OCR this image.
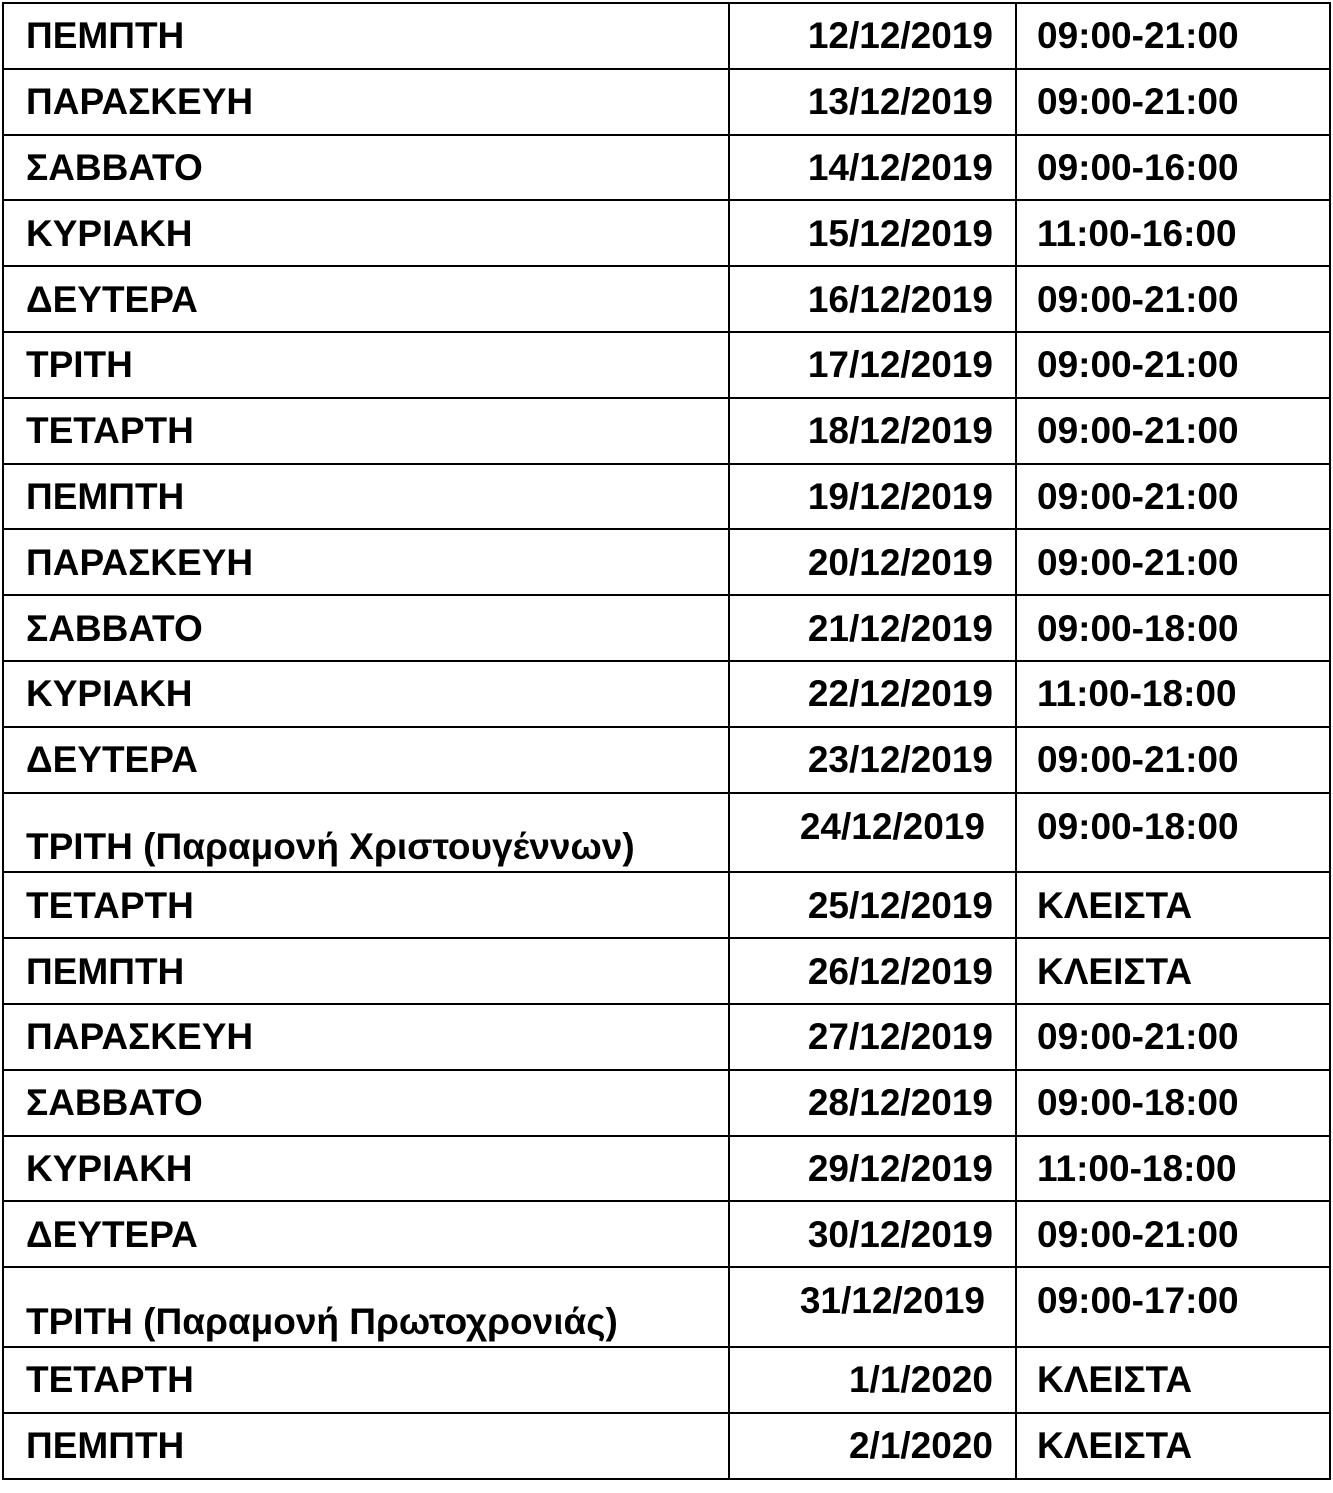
ΠΕΜΠΤΗ	12/12/2019	09:00-21:00
ΠΑΡΑΣΚΕΥΗ	13/12/2019	09:00-21:00
ΣΑΒΒΑΤΟ	14/12/2019	09:00-16:00
ΚΥΡΙΑΚΗ	15/12/2019	11:00-16:00
ΔΕΥΤΕΡΑ	16/12/2019	09:00-21:00
ΤΡΙΤΗ	17/12/2019	09:00-21:00
ΤΕΤΑΡΤΗ	18/12/2019	09:00-21:00
ΠΕΜΠΤΗ	19/12/2019	09:00-21:00
ΠΑΡΑΣΚΕΥΗ	20/12/2019	09:00-21:00
ΣΑΒΒΑΤΟ	21/12/2019	09:00-18:00
ΚΥΡΙΑΚΗ	22/12/2019	11:00-18:00
ΔΕΥΤΕΡΑ	23/12/2019	09:00-21:00
ΤΡΙΤΗ (Παραμονή Χριστουγέννων)	24/12/2019	09:00-18:00
ΤΕΤΑΡΤΗ	25/12/2019	ΚΛΕΙΣΤΑ
ΠΕΜΠΤΗ	26/12/2019	ΚΛΕΙΣΤΑ
ΠΑΡΑΣΚΕΥΗ	27/12/2019	09:00-21:00
ΣΑΒΒΑΤΟ	28/12/2019	09:00-18:00
ΚΥΡΙΑΚΗ	29/12/2019	11:00-18:00
ΔΕΥΤΕΡΑ	30/12/2019	09:00-21:00
ΤΡΙΤΗ (Παραμονή Πρωτοχρονιάς)	31/12/2019	09:00-17:00
ΤΕΤΑΡΤΗ	1/1/2020	ΚΛΕΙΣΤΑ
ΠΕΜΠΤΗ	2/1/2020	ΚΛΕΙΣΤΑ
